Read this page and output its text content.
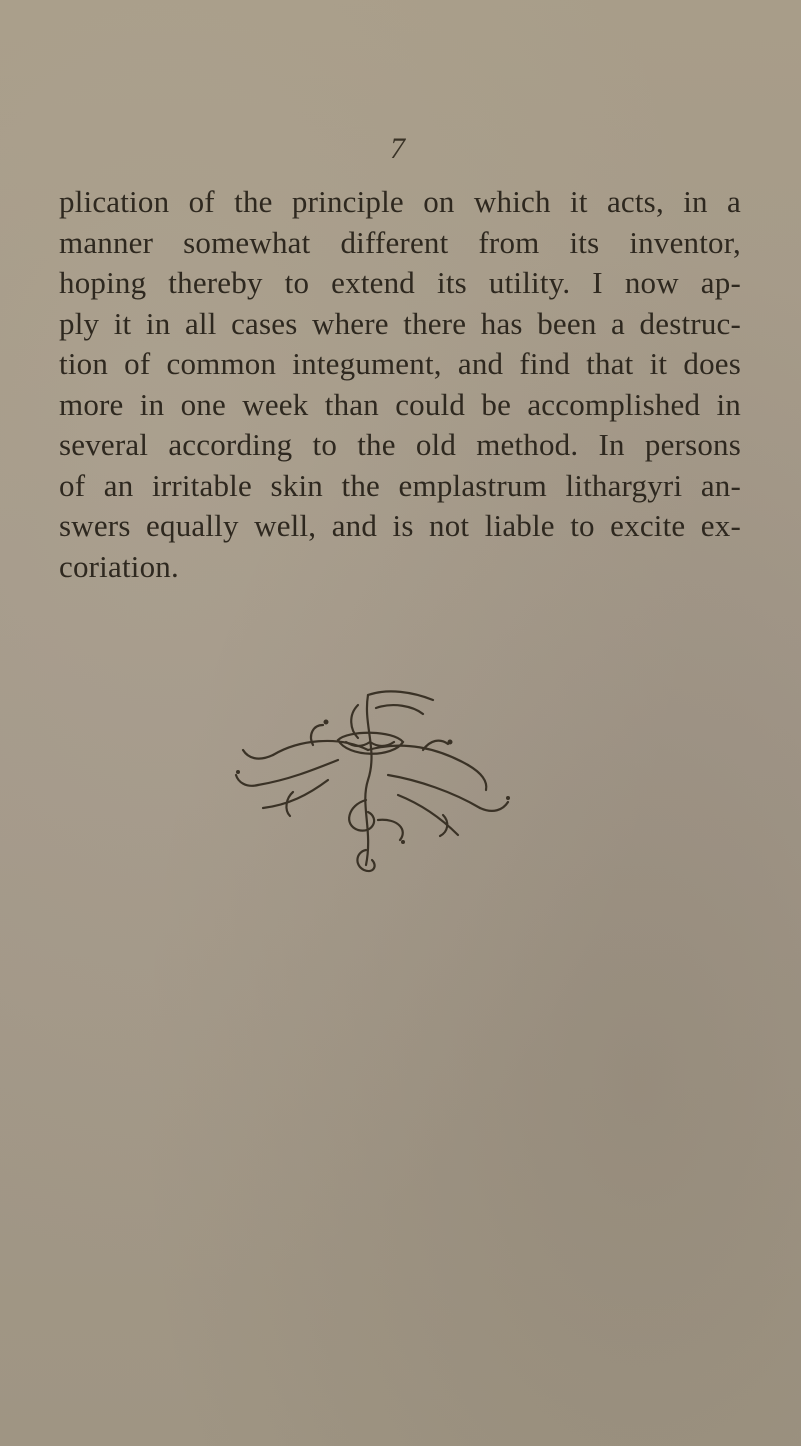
7
plication of the principle on which it acts, in a
manner somewhat different from its inventor,
hoping thereby to extend its utility. I now ap-
ply it in all cases where there has been a destruc-
tion of common integument, and find that it does
more in one week than could be accomplished in
several according to the old method. In persons
of an irritable skin the emplastrum lithargyri an-
swers equally well, and is not liable to excite ex-
coriation.
